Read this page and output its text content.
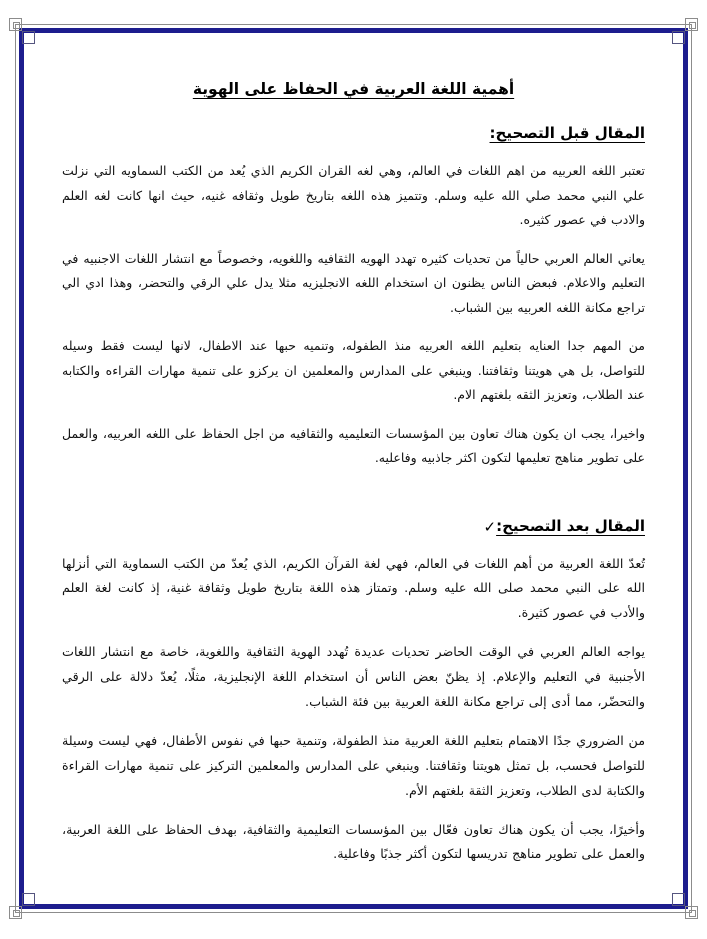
أهمية اللغة العربية في الحفاظ على الهوية
المقال قبل التصحيح:

تعتبر اللغه العربيه من اهم اللغات في العالم، وهي لغه القران الكريم الذي يُعد من الكتب السماويه التي نزلت علي النبي محمد صلي الله عليه وسلم. وتتميز هذه اللغه بتاريخ طويل وثقافه غنيه، حيث انها كانت لغه العلم والادب في عصور كثيره.

يعاني العالم العربي حالياً من تحديات كثيره تهدد الهويه الثقافيه واللغويه، وخصوصاً مع انتشار اللغات الاجنبيه في التعليم والاعلام. فبعض الناس يظنون ان استخدام اللغه الانجليزيه مثلا يدل علي الرقي والتحضر، وهذا ادي الي تراجع مكانة اللغه العربيه بين الشباب.

من المهم جدا العنايه بتعليم اللغه العربيه منذ الطفوله، وتنميه حبها عند الاطفال، لانها ليست فقط وسيله للتواصل، بل هي هويتنا وثقافتنا. وينبغي على المدارس والمعلمين ان يركزو على تنمية مهارات القراءه والكتابه عند الطلاب، وتعزيز الثقه بلغتهم الام.

واخيرا، يجب ان يكون هناك تعاون بين المؤسسات التعليميه والثقافيه من اجل الحفاظ على اللغه العربيه، والعمل على تطوير مناهج تعليمها لتكون اكثر جاذبيه وفاعليه.

المقال بعد التصحيح:✓

تُعدّ اللغة العربية من أهم اللغات في العالم، فهي لغة القرآن الكريم، الذي يُعدّ من الكتب السماوية التي أنزلها الله على النبي محمد صلى الله عليه وسلم. وتمتاز هذه اللغة بتاريخ طويل وثقافة غنية، إذ كانت لغة العلم والأدب في عصور كثيرة.

يواجه العالم العربي في الوقت الحاضر تحديات عديدة تُهدد الهوية الثقافية واللغوية، خاصة مع انتشار اللغات الأجنبية في التعليم والإعلام. إذ يظنّ بعض الناس أن استخدام اللغة الإنجليزية، مثلًا، يُعدّ دلالة على الرقي والتحضّر، مما أدى إلى تراجع مكانة اللغة العربية بين فئة الشباب.

من الضروري جدًا الاهتمام بتعليم اللغة العربية منذ الطفولة، وتنمية حبها في نفوس الأطفال، فهي ليست وسيلة للتواصل فحسب، بل تمثل هويتنا وثقافتنا. وينبغي على المدارس والمعلمين التركيز على تنمية مهارات القراءة والكتابة لدى الطلاب، وتعزيز الثقة بلغتهم الأم.

وأخيرًا، يجب أن يكون هناك تعاون فعّال بين المؤسسات التعليمية والثقافية، بهدف الحفاظ على اللغة العربية، والعمل على تطوير مناهج تدريسها لتكون أكثر جذبًا وفاعلية.
